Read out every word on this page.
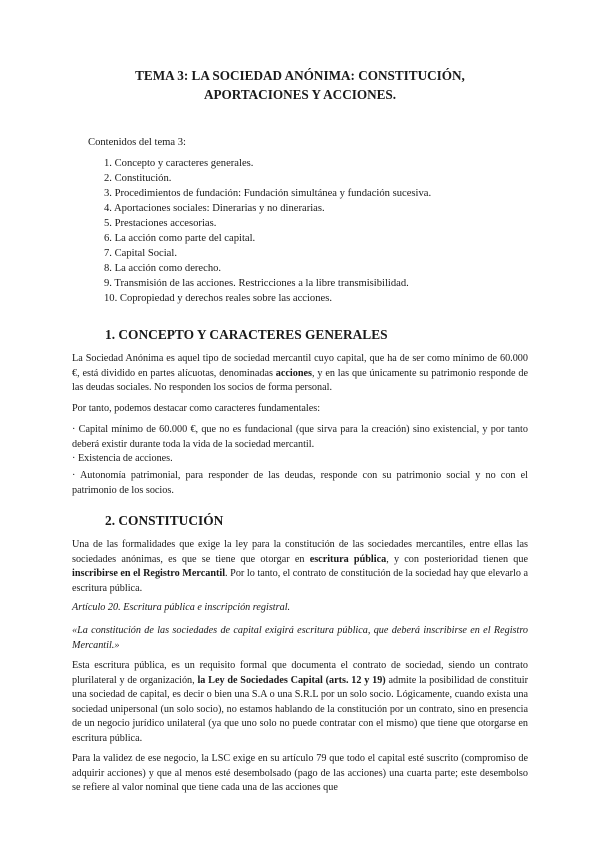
TEMA 3: LA SOCIEDAD ANÓNIMA: CONSTITUCIÓN,
APORTACIONES Y ACCIONES.
Contenidos del tema 3:
1. Concepto y caracteres generales.
2. Constitución.
3. Procedimientos de fundación: Fundación simultánea y fundación sucesiva.
4. Aportaciones sociales: Dinerarias y no dinerarias.
5. Prestaciones accesorias.
6. La acción como parte del capital.
7. Capital Social.
8. La acción como derecho.
9. Transmisión de las acciones. Restricciones a la libre transmisibilidad.
10. Copropiedad y derechos reales sobre las acciones.
1. CONCEPTO Y CARACTERES GENERALES

La Sociedad Anónima es aquel tipo de sociedad mercantil cuyo capital, que ha de ser como mínimo de 60.000 €, está dividido en partes alícuotas, denominadas acciones, y en las que únicamente su patrimonio responde de las deudas sociales. No responden los socios de forma personal.

Por tanto, podemos destacar como caracteres fundamentales:

· Capital mínimo de 60.000 €, que no es fundacional (que sirva para la creación) sino existencial, y por tanto deberá existir durante toda la vida de la sociedad mercantil.

· Existencia de acciones.

· Autonomía patrimonial, para responder de las deudas, responde con su patrimonio social y no con el patrimonio de los socios.

2. CONSTITUCIÓN

Una de las formalidades que exige la ley para la constitución de las sociedades mercantiles, entre ellas las sociedades anónimas, es que se tiene que otorgar en escritura pública, y con posterioridad tienen que inscribirse en el Registro Mercantil. Por lo tanto, el contrato de constitución de la sociedad hay que elevarlo a escritura pública.

Artículo 20. Escritura pública e inscripción registral.

«La constitución de las sociedades de capital exigirá escritura pública, que deberá inscribirse en el Registro Mercantil.»

Esta escritura pública, es un requisito formal que documenta el contrato de sociedad, siendo un contrato plurilateral y de organización, la Ley de Sociedades Capital (arts. 12 y 19) admite la posibilidad de constituir una sociedad de capital, es decir o bien una S.A o una S.R.L por un solo socio. Lógicamente, cuando exista una sociedad unipersonal (un solo socio), no estamos hablando de la constitución por un contrato, sino en presencia de un negocio jurídico unilateral (ya que uno solo no puede contratar con el mismo) que tiene que otorgarse en escritura pública.

Para la validez de ese negocio, la LSC exige en su artículo 79 que todo el capital esté suscrito (compromiso de adquirir acciones) y que al menos esté desembolsado (pago de las acciones) una cuarta parte; este desembolso se refiere al valor nominal que tiene cada una de las acciones que
